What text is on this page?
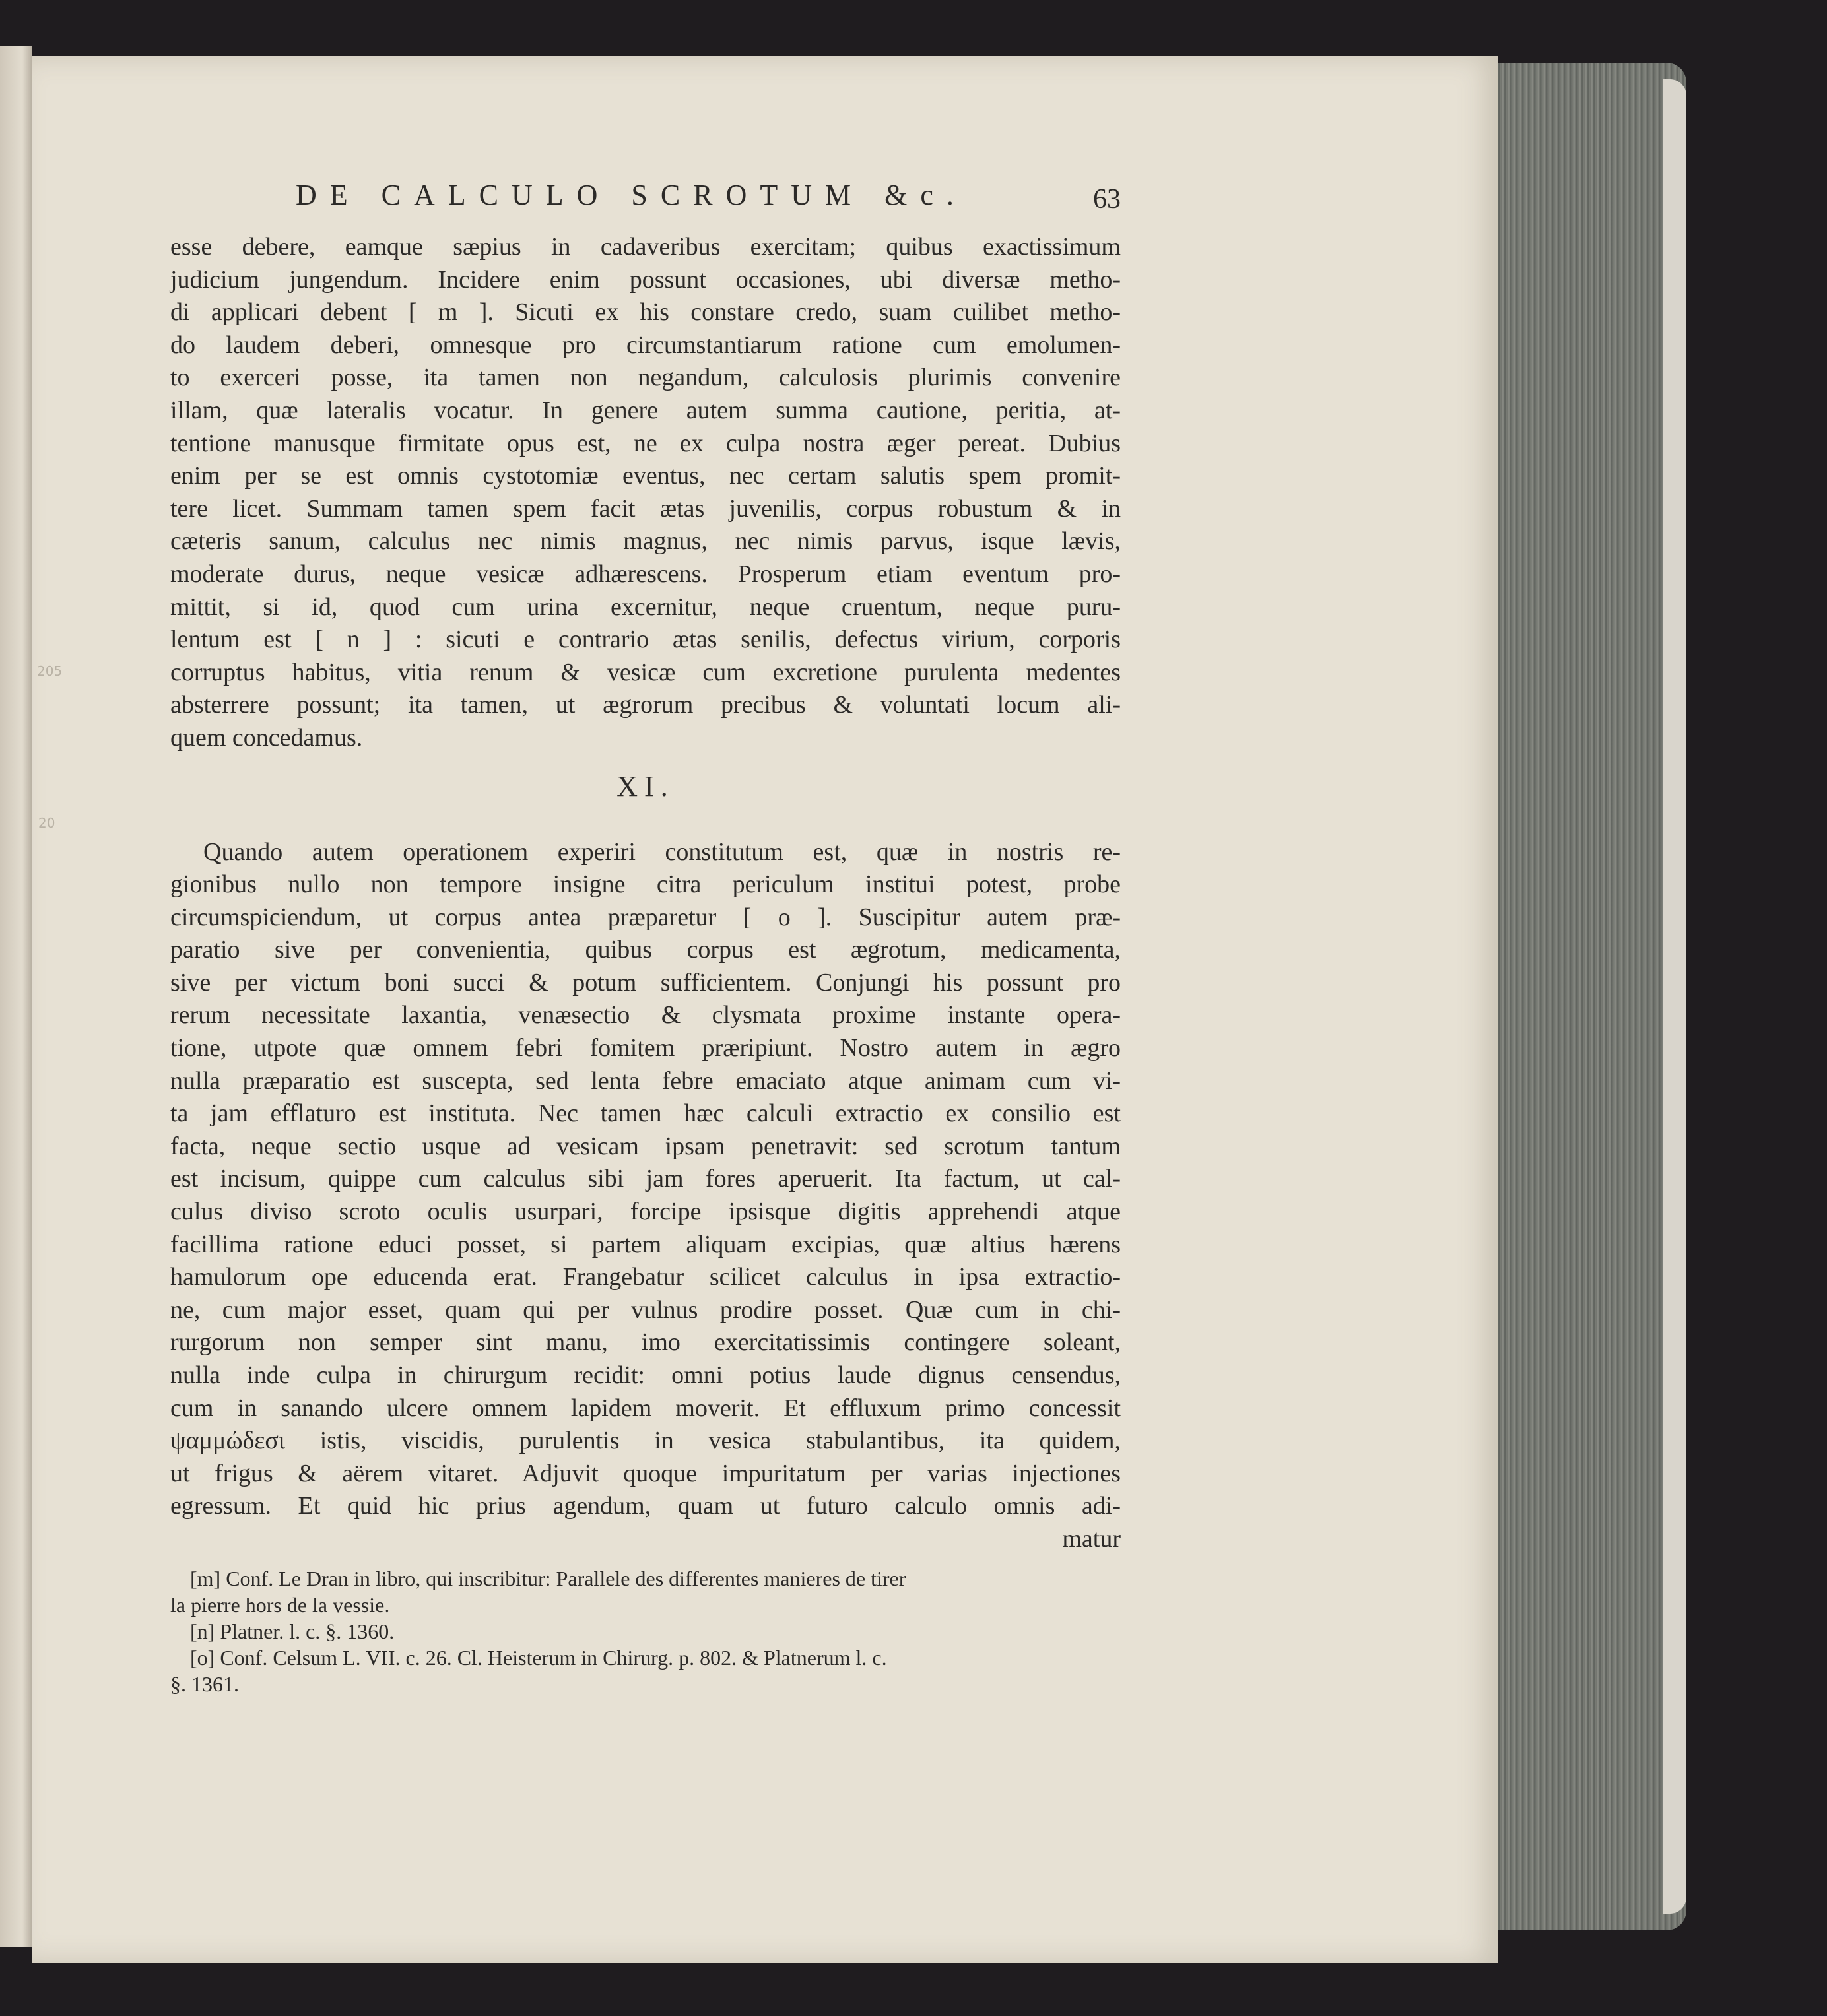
205
20
DE CALCULO SCROTUM &c.	63

esse debere, eamque sæpius in cadaveribus exercitam; quibus exactissimum
judicium jungendum. Incidere enim possunt occasiones, ubi diversæ metho-
di applicari debent [ m ]. Sicuti ex his constare credo, suam cuilibet metho-
do laudem deberi, omnesque pro circumstantiarum ratione cum emolumen-
to exerceri posse, ita tamen non negandum, calculosis plurimis convenire
illam, quæ lateralis vocatur. In genere autem summa cautione, peritia, at-
tentione manusque firmitate opus est, ne ex culpa nostra æger pereat. Dubius
enim per se est omnis cystotomiæ eventus, nec certam salutis spem promit-
tere licet. Summam tamen spem facit ætas juvenilis, corpus robustum & in
cæteris sanum, calculus nec nimis magnus, nec nimis parvus, isque lævis,
moderate durus, neque vesicæ adhærescens. Prosperum etiam eventum pro-
mittit, si id, quod cum urina excernitur, neque cruentum, neque puru-
lentum est [ n ] : sicuti e contrario ætas senilis, defectus virium, corporis
corruptus habitus, vitia renum & vesicæ cum excretione purulenta medentes
absterrere possunt; ita tamen, ut ægrorum precibus & voluntati locum ali-
quem concedamus.

XI.

Quando autem operationem experiri constitutum est, quæ in nostris re-
gionibus nullo non tempore insigne citra periculum institui potest, probe
circumspiciendum, ut corpus antea præparetur [ o ]. Suscipitur autem præ-
paratio sive per convenientia, quibus corpus est ægrotum, medicamenta,
sive per victum boni succi & potum sufficientem. Conjungi his possunt pro
rerum necessitate laxantia, venæsectio & clysmata proxime instante opera-
tione, utpote quæ omnem febri fomitem præripiunt. Nostro autem in ægro
nulla præparatio est suscepta, sed lenta febre emaciato atque animam cum vi-
ta jam efflaturo est instituta. Nec tamen hæc calculi extractio ex consilio est
facta, neque sectio usque ad vesicam ipsam penetravit: sed scrotum tantum
est incisum, quippe cum calculus sibi jam fores aperuerit. Ita factum, ut cal-
culus diviso scroto oculis usurpari, forcipe ipsisque digitis apprehendi atque
facillima ratione educi posset, si partem aliquam excipias, quæ altius hærens
hamulorum ope educenda erat. Frangebatur scilicet calculus in ipsa extractio-
ne, cum major esset, quam qui per vulnus prodire posset. Quæ cum in chi-
rurgorum non semper sint manu, imo exercitatissimis contingere soleant,
nulla inde culpa in chirurgum recidit: omni potius laude dignus censendus,
cum in sanando ulcere omnem lapidem moverit. Et effluxum primo concessit
ψαμμώδεσι istis, viscidis, purulentis in vesica stabulantibus, ita quidem,
ut frigus & aërem vitaret. Adjuvit quoque impuritatum per varias injectiones
egressum. Et quid hic prius agendum, quam ut futuro calculo omnis adi-
matur

[m] Conf. Le Dran in libro, qui inscribitur: Parallele des differentes manieres de tirer
la pierre hors de la vessie.
[n] Platner. l. c. §. 1360.
[o] Conf. Celsum L. VII. c. 26. Cl. Heisterum in Chirurg. p. 802. & Platnerum l. c.
§. 1361.
